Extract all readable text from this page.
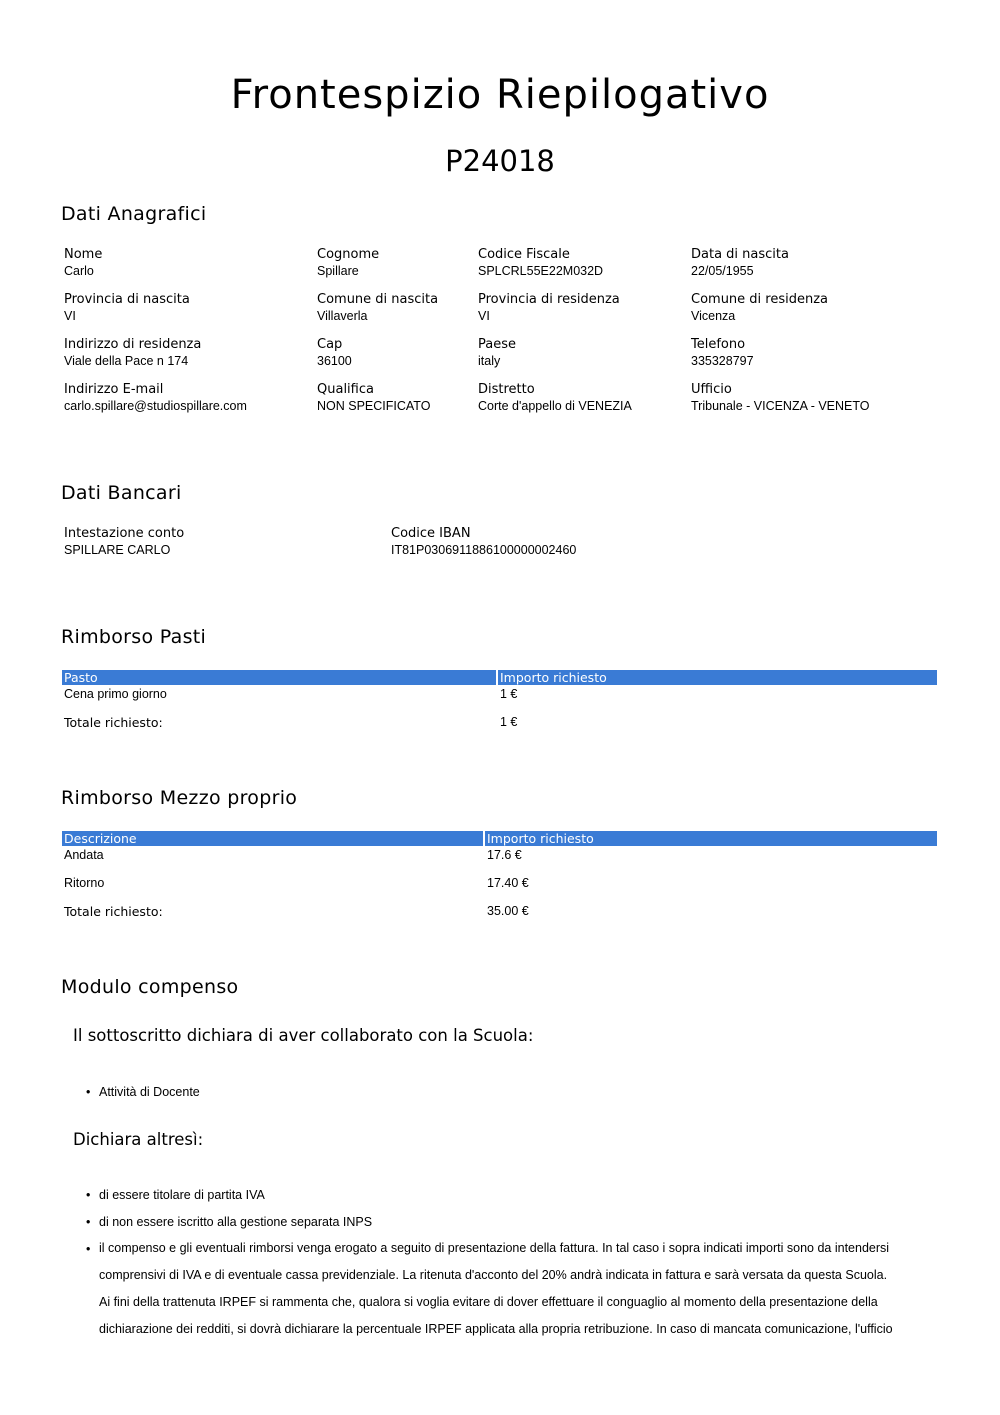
Frontespizio Riepilogativo
P24018
Dati Anagrafici
Nome
Carlo
Cognome
Spillare
Codice Fiscale
SPLCRL55E22M032D
Data di nascita
22/05/1955
Provincia di nascita
VI
Comune di nascita
Villaverla
Provincia di residenza
VI
Comune di residenza
Vicenza
Indirizzo di residenza
Viale della Pace n 174
Cap
36100
Paese
italy
Telefono
335328797
Indirizzo E-mail
carlo.spillare@studiospillare.com
Qualifica
NON SPECIFICATO
Distretto
Corte d'appello di VENEZIA
Ufficio
Tribunale - VICENZA - VENETO
Dati Bancari
Intestazione conto
SPILLARE CARLO
Codice IBAN
IT81P0306911886100000002460
Rimborso Pasti
Pasto	Importo richiesto
Cena primo giorno	1 €
Totale richiesto:	1 €
Rimborso Mezzo proprio
Descrizione	Importo richiesto
Andata	17.6 €
Ritorno	17.40 €
Totale richiesto:	35.00 €
Modulo compenso
Il sottoscritto dichiara di aver collaborato con la Scuola:
• Attività di Docente
Dichiara altresì:
• di essere titolare di partita IVA
• di non essere iscritto alla gestione separata INPS
• il compenso e gli eventuali rimborsi venga erogato a seguito di presentazione della fattura. In tal caso i sopra indicati importi sono da intendersi
comprensivi di IVA e di eventuale cassa previdenziale. La ritenuta d'acconto del 20% andrà indicata in fattura e sarà versata da questa Scuola.
Ai fini della trattenuta IRPEF si rammenta che, qualora si voglia evitare di dover effettuare il conguaglio al momento della presentazione della
dichiarazione dei redditi, si dovrà dichiarare la percentuale IRPEF applicata alla propria retribuzione. In caso di mancata comunicazione, l'ufficio
